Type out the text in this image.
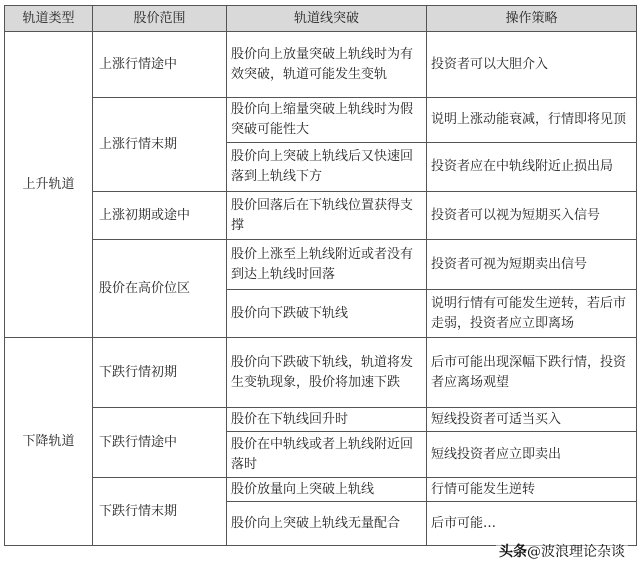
轨道类型	股价范围	轨道线突破	操作策略
上升轨道	上涨行情途中	股价向上放量突破上轨线时为有效突破，轨道可能发生变轨	投资者可以大胆介入
	上涨行情末期	股价向上缩量突破上轨线时为假突破可能性大	说明上涨动能衰减，行情即将见顶
		股价向上突破上轨线后又快速回落到上轨线下方	投资者应在中轨线附近止损出局
	上涨初期或途中	股价回落后在下轨线位置获得支撑	投资者可以视为短期买入信号
	股价在高价位区	股价上涨至上轨线附近或者没有到达上轨线时回落	投资者可视为短期卖出信号
		股价向下跌破下轨线	说明行情有可能发生逆转，若后市走弱，投资者应立即离场

下降轨道	下跌行情初期	股价向下跌破下轨线，轨道将发生变轨现象，股价将加速下跌	后市可能出现深幅下跌行情，投资者应离场观望
	下跌行情途中	股价在下轨线回升时	短线投资者可适当买入
		股价在中轨线或者上轨线附近回落时	短线投资者应立即卖出
	下跌行情末期	股价放量向上突破上轨线	行情可能发生逆转
		股价向上突破上轨线无量配合	后市可能…
头条@波浪理论杂谈
